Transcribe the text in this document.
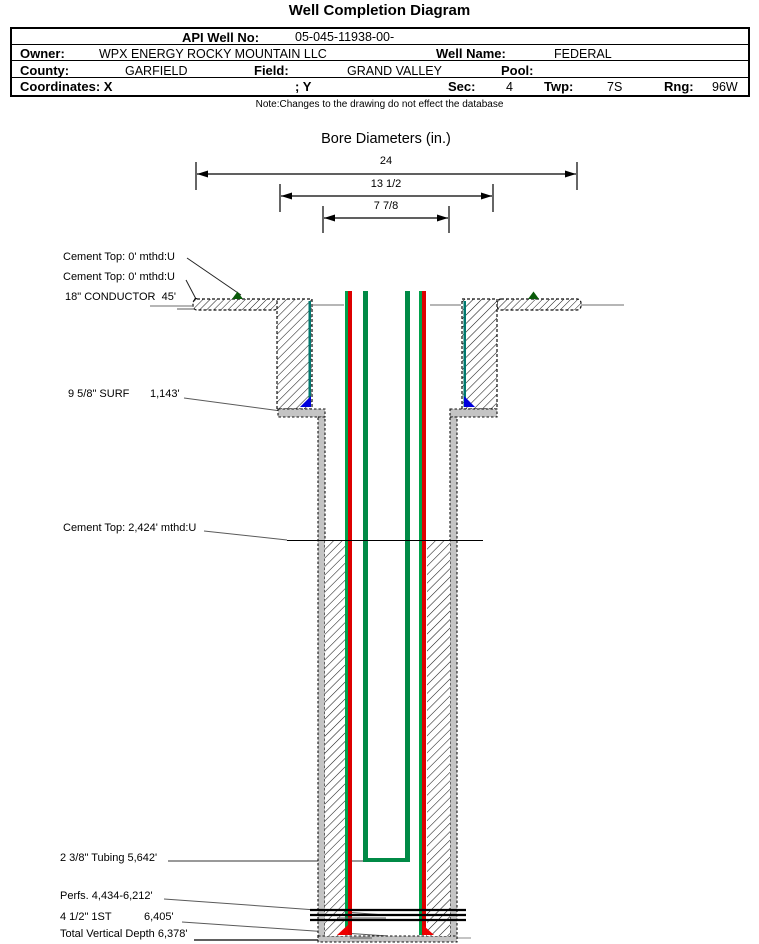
Well Completion Diagram
API Well No:	05-045-11938-00-
Owner:	WPX ENERGY ROCKY MOUNTAIN LLC	Well Name:	FEDERAL
County:	GARFIELD	Field:	GRAND VALLEY	Pool:
Coordinates: X	; Y	Sec: 4 Twp:	7S	Rng: 96W
Note:Changes to the drawing do not effect the database
Bore Diameters (in.)
24
13 1/2
7 7/8
Cement Top: 0' mthd:U
Cement Top: 0' mthd:U
18" CONDUCTOR  45'
9 5/8" SURF 1,143'
Cement Top: 2,424' mthd:U
2 3/8" Tubing 5,642'
Perfs. 4,434-6,212'
4 1/2" 1ST	6,405'
Total Vertical Depth 6,378'
